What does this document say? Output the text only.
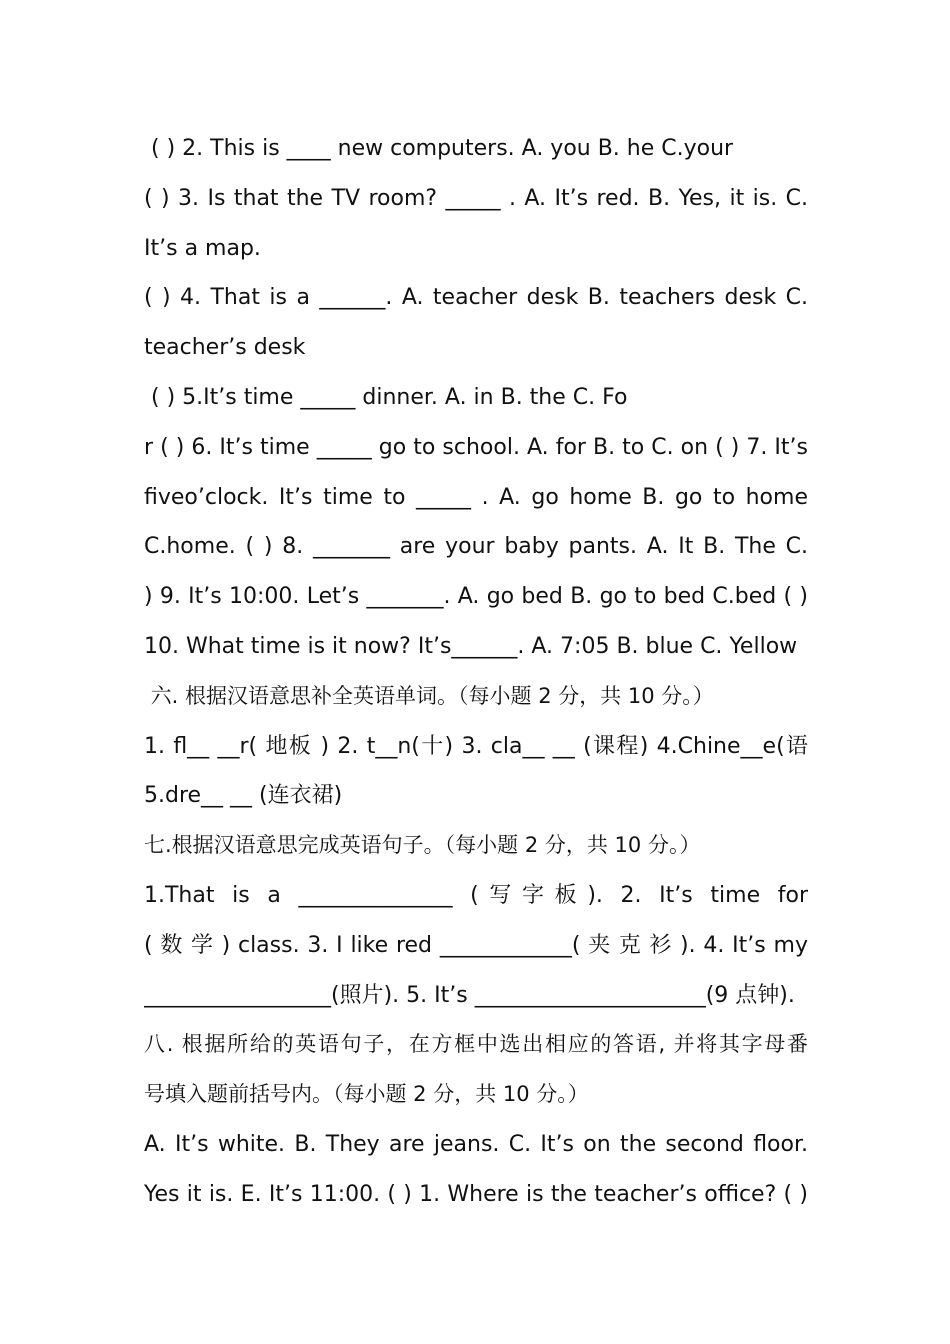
( ) 2. This is ____ new computers. A. you B. he C.your
( ) 3. Is that the TV room? _____ . A. It’s red. B. Yes, it is. C.
It’s a map.
( ) 4. That is a ______. A. teacher desk B. teachers desk C.
teacher’s desk
( ) 5.It’s time _____ dinner. A. in B. the C. Fo
r ( ) 6. It’s time _____ go to school. A. for B. to C. on ( ) 7. It’s
fiveo’clock. It’s time to _____ . A. go home B. go to home
C.home. ( ) 8. _______ are your baby pants. A. It B. The C.
) 9. It’s 10:00. Let’s _______. A. go bed B. go to bed C.bed ( )
10. What time is it now? It’s______. A. 7:05 B. blue C. Yellow
六. 根据汉语意思补全英语单词。（每小题 2 分，共 10 分。）
1. fl__ __r( 地板 ) 2. t__n(十) 3. cla__ __ (课程) 4.Chine__e(语
5.dre__ __ (连衣裙)
七.根据汉语意思完成英语句子。（每小题 2 分，共 10 分。）
1.That is a ______________ (写字板). 2. It’s time for
( 数 学 ) class. 3. I like red ____________( 夹 克 衫 ). 4. It’s my
_________________(照片). 5. It’s _____________________(9 点钟).
八. 根据所给的英语句子，在方框中选出相应的答语, 并将其字母番
号填入题前括号内。（每小题 2 分，共 10 分。）
A. It’s white. B. They are jeans. C. It’s on the second floor.
Yes it is. E. It’s 11:00. ( ) 1. Where is the teacher’s office? ( )
